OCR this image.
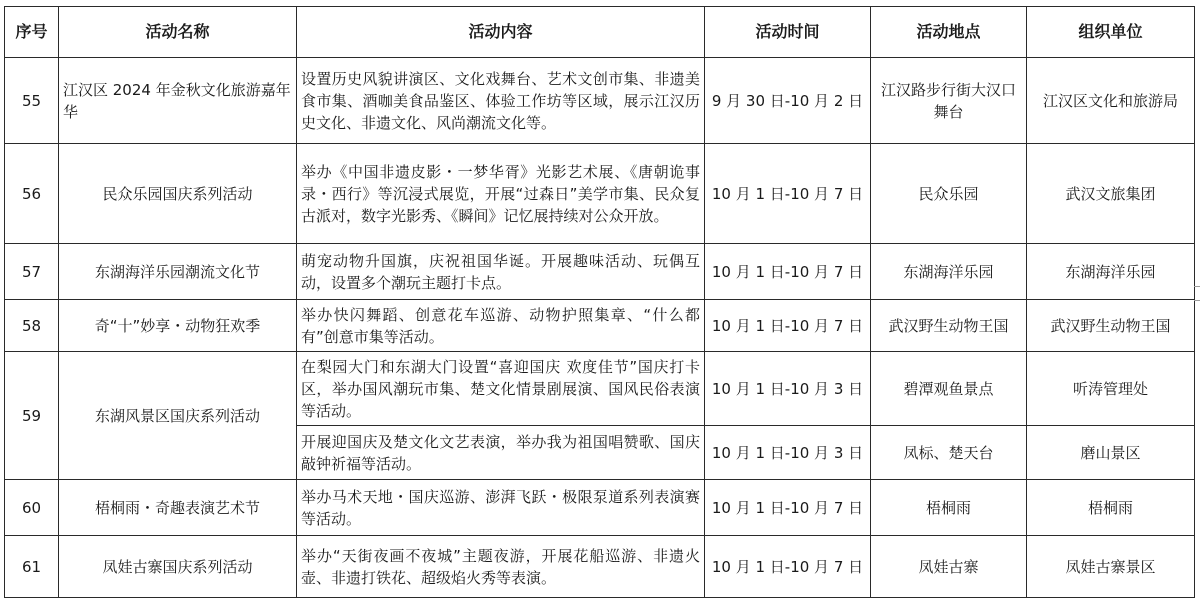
序号	活动名称	活动内容	活动时间	活动地点	组织单位
55	江汉区 2024 年金秋文化旅游嘉年华	设置历史风貌讲演区、文化戏舞台、艺术文创市集、非遗美食市集、酒咖美食品鉴区、体验工作坊等区域，展示江汉历史文化、非遗文化、风尚潮流文化等。	9 月 30 日-10 月 2 日	江汉路步行街大汉口舞台	江汉区文化和旅游局
56	民众乐园国庆系列活动	举办《中国非遗皮影・一梦华胥》光影艺术展、《唐朝诡事录・西行》等沉浸式展览，开展“过森日”美学市集、民众复古派对，数字光影秀、《瞬间》记忆展持续对公众开放。	10 月 1 日-10 月 7 日	民众乐园	武汉文旅集团
57	东湖海洋乐园潮流文化节	萌宠动物升国旗，庆祝祖国华诞。开展趣味活动、玩偶互动，设置多个潮玩主题打卡点。	10 月 1 日-10 月 7 日	东湖海洋乐园	东湖海洋乐园
58	奇“十”妙享・动物狂欢季	举办快闪舞蹈、创意花车巡游、动物护照集章、“什么都有”创意市集等活动。	10 月 1 日-10 月 7 日	武汉野生动物王国	武汉野生动物王国
59	东湖风景区国庆系列活动	在梨园大门和东湖大门设置“喜迎国庆 欢度佳节”国庆打卡区，举办国风潮玩市集、楚文化情景剧展演、国风民俗表演等活动。	10 月 1 日-10 月 3 日	碧潭观鱼景点	听涛管理处
		开展迎国庆及楚文化文艺表演，举办我为祖国唱赞歌、国庆敲钟祈福等活动。	10 月 1 日-10 月 3 日	凤标、楚天台	磨山景区
60	梧桐雨・奇趣表演艺术节	举办马术天地・国庆巡游、澎湃飞跃・极限泵道系列表演赛等活动。	10 月 1 日-10 月 7 日	梧桐雨	梧桐雨
61	凤娃古寨国庆系列活动	举办“天街夜画不夜城”主题夜游，开展花船巡游、非遗火壶、非遗打铁花、超级焰火秀等表演。	10 月 1 日-10 月 7 日	凤娃古寨	凤娃古寨景区
